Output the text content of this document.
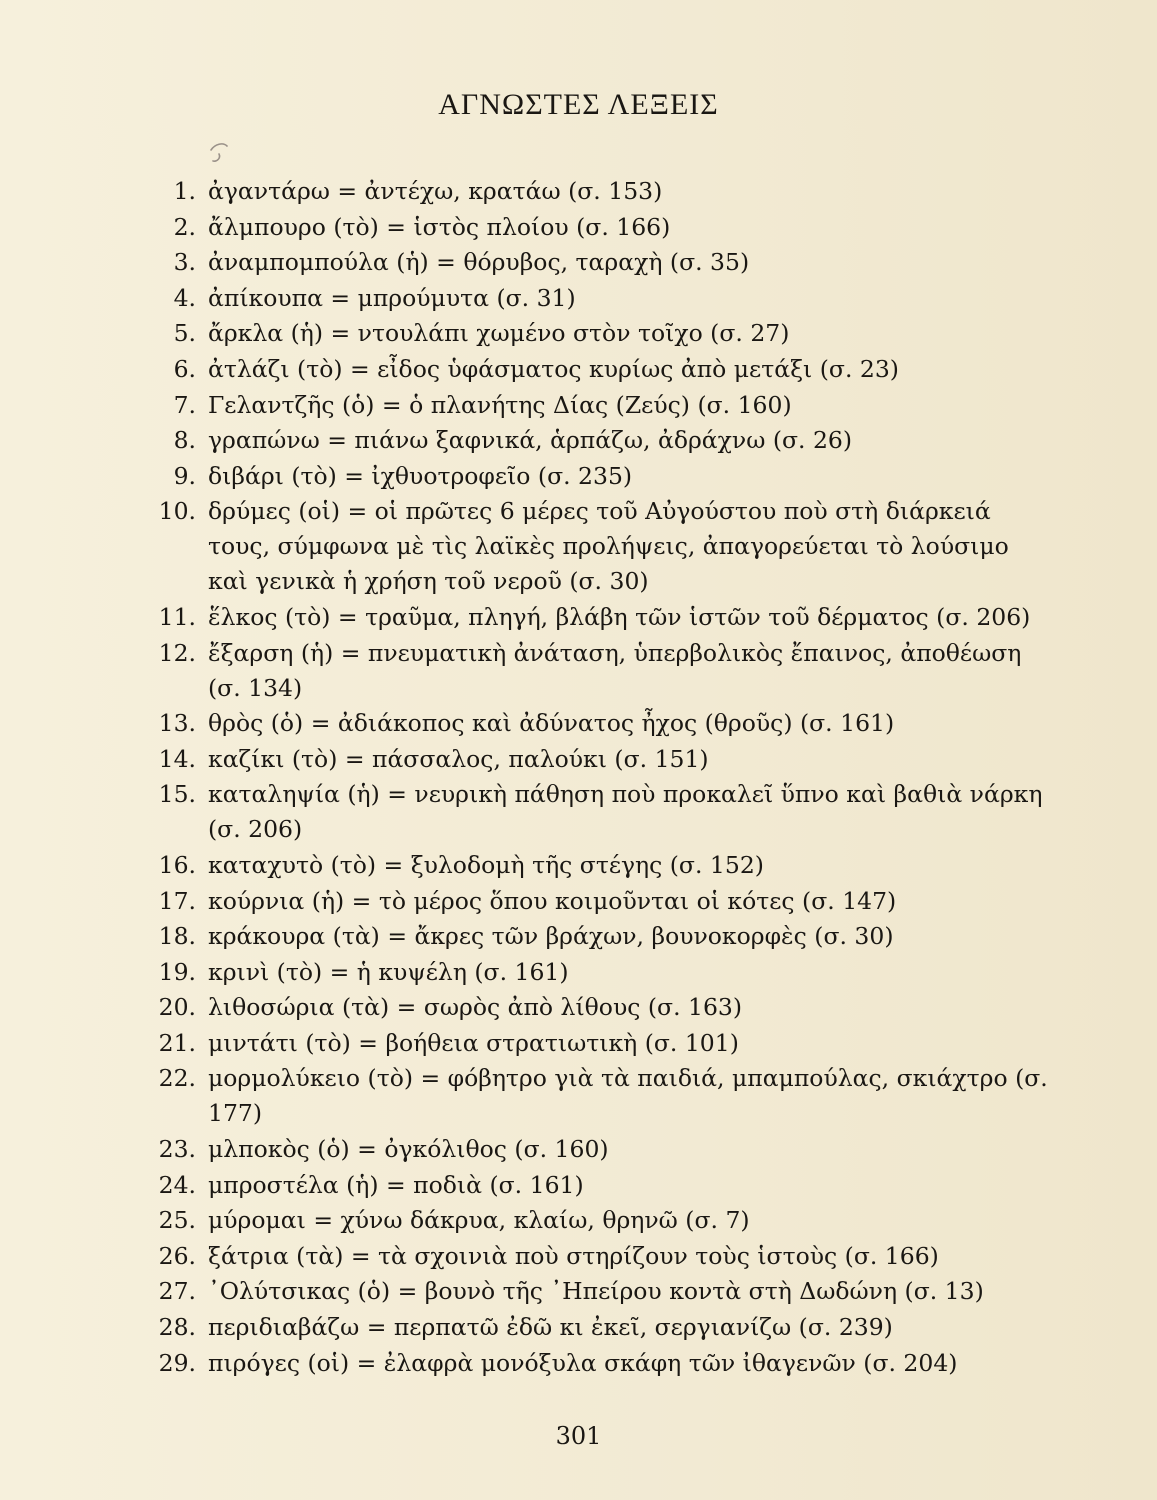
ΑΓΝΩΣΤΕΣ ΛΕΞΕΙΣ
1. ἀγαντάρω = ἀντέχω, κρατάω (σ. 153)
2. ἄλμπουρο (τὸ) = ἱστὸς πλοίου (σ. 166)
3. ἀναμπομπούλα (ἡ) = θόρυβος, ταραχὴ (σ. 35)
4. ἀπίκουπα = μπρούμυτα (σ. 31)
5. ἄρκλα (ἡ) = ντουλάπι χωμένο στὸν τοῖχο (σ. 27)
6. ἀτλάζι (τὸ) = εἶδος ὑφάσματος κυρίως ἀπὸ μετάξι (σ. 23)
7. Γελαντζῆς (ὁ) = ὁ πλανήτης Δίας (Ζεύς) (σ. 160)
8. γραπώνω = πιάνω ξαφνικά, ἁρπάζω, ἀδράχνω (σ. 26)
9. διβάρι (τὸ) = ἰχθυοτροφεῖο (σ. 235)
10. δρύμες (οἱ) = οἱ πρῶτες 6 μέρες τοῦ Αὐγούστου ποὺ στὴ διάρκειά τους, σύμφωνα μὲ τὶς λαϊκὲς προλήψεις, ἀπαγορεύεται τὸ λούσιμο καὶ γενικὰ ἡ χρήση τοῦ νεροῦ (σ. 30)
11. ἕλκος (τὸ) = τραῦμα, πληγή, βλάβη τῶν ἱστῶν τοῦ δέρματος (σ. 206)
12. ἔξαρση (ἡ) = πνευματικὴ ἀνάταση, ὑπερβολικὸς ἔπαινος, ἀποθέωση (σ. 134)
13. θρὸς (ὁ) = ἀδιάκοπος καὶ ἀδύνατος ἦχος (θροῦς) (σ. 161)
14. καζίκι (τὸ) = πάσσαλος, παλούκι (σ. 151)
15. καταληψία (ἡ) = νευρικὴ πάθηση ποὺ προκαλεῖ ὕπνο καὶ βαθιὰ νάρκη (σ. 206)
16. καταχυτὸ (τὸ) = ξυλοδομὴ τῆς στέγης (σ. 152)
17. κούρνια (ἡ) = τὸ μέρος ὅπου κοιμοῦνται οἱ κότες (σ. 147)
18. κράκουρα (τὰ) = ἄκρες τῶν βράχων, βουνοκορφὲς (σ. 30)
19. κρινὶ (τὸ) = ἡ κυψέλη (σ. 161)
20. λιθοσώρια (τὰ) = σωρὸς ἀπὸ λίθους (σ. 163)
21. μιντάτι (τὸ) = βοήθεια στρατιωτικὴ (σ. 101)
22. μορμολύκειο (τὸ) = φόβητρο γιὰ τὰ παιδιά, μπαμπούλας, σκιάχτρο (σ. 177)
23. μλποκὸς (ὁ) = ὀγκόλιθος (σ. 160)
24. μπροστέλα (ἡ) = ποδιὰ (σ. 161)
25. μύρομαι = χύνω δάκρυα, κλαίω, θρηνῶ (σ. 7)
26. ξάτρια (τὰ) = τὰ σχοινιὰ ποὺ στηρίζουν τοὺς ἱστοὺς (σ. 166)
27. ᾿Ολύτσικας (ὁ) = βουνὸ τῆς ᾿Ηπείρου κοντὰ στὴ Δωδώνη (σ. 13)
28. περιδιαβάζω = περπατῶ ἐδῶ κι ἐκεῖ, σεργιανίζω (σ. 239)
29. πιρόγες (οἱ) = ἐλαφρὰ μονόξυλα σκάφη τῶν ἰθαγενῶν (σ. 204)
301
